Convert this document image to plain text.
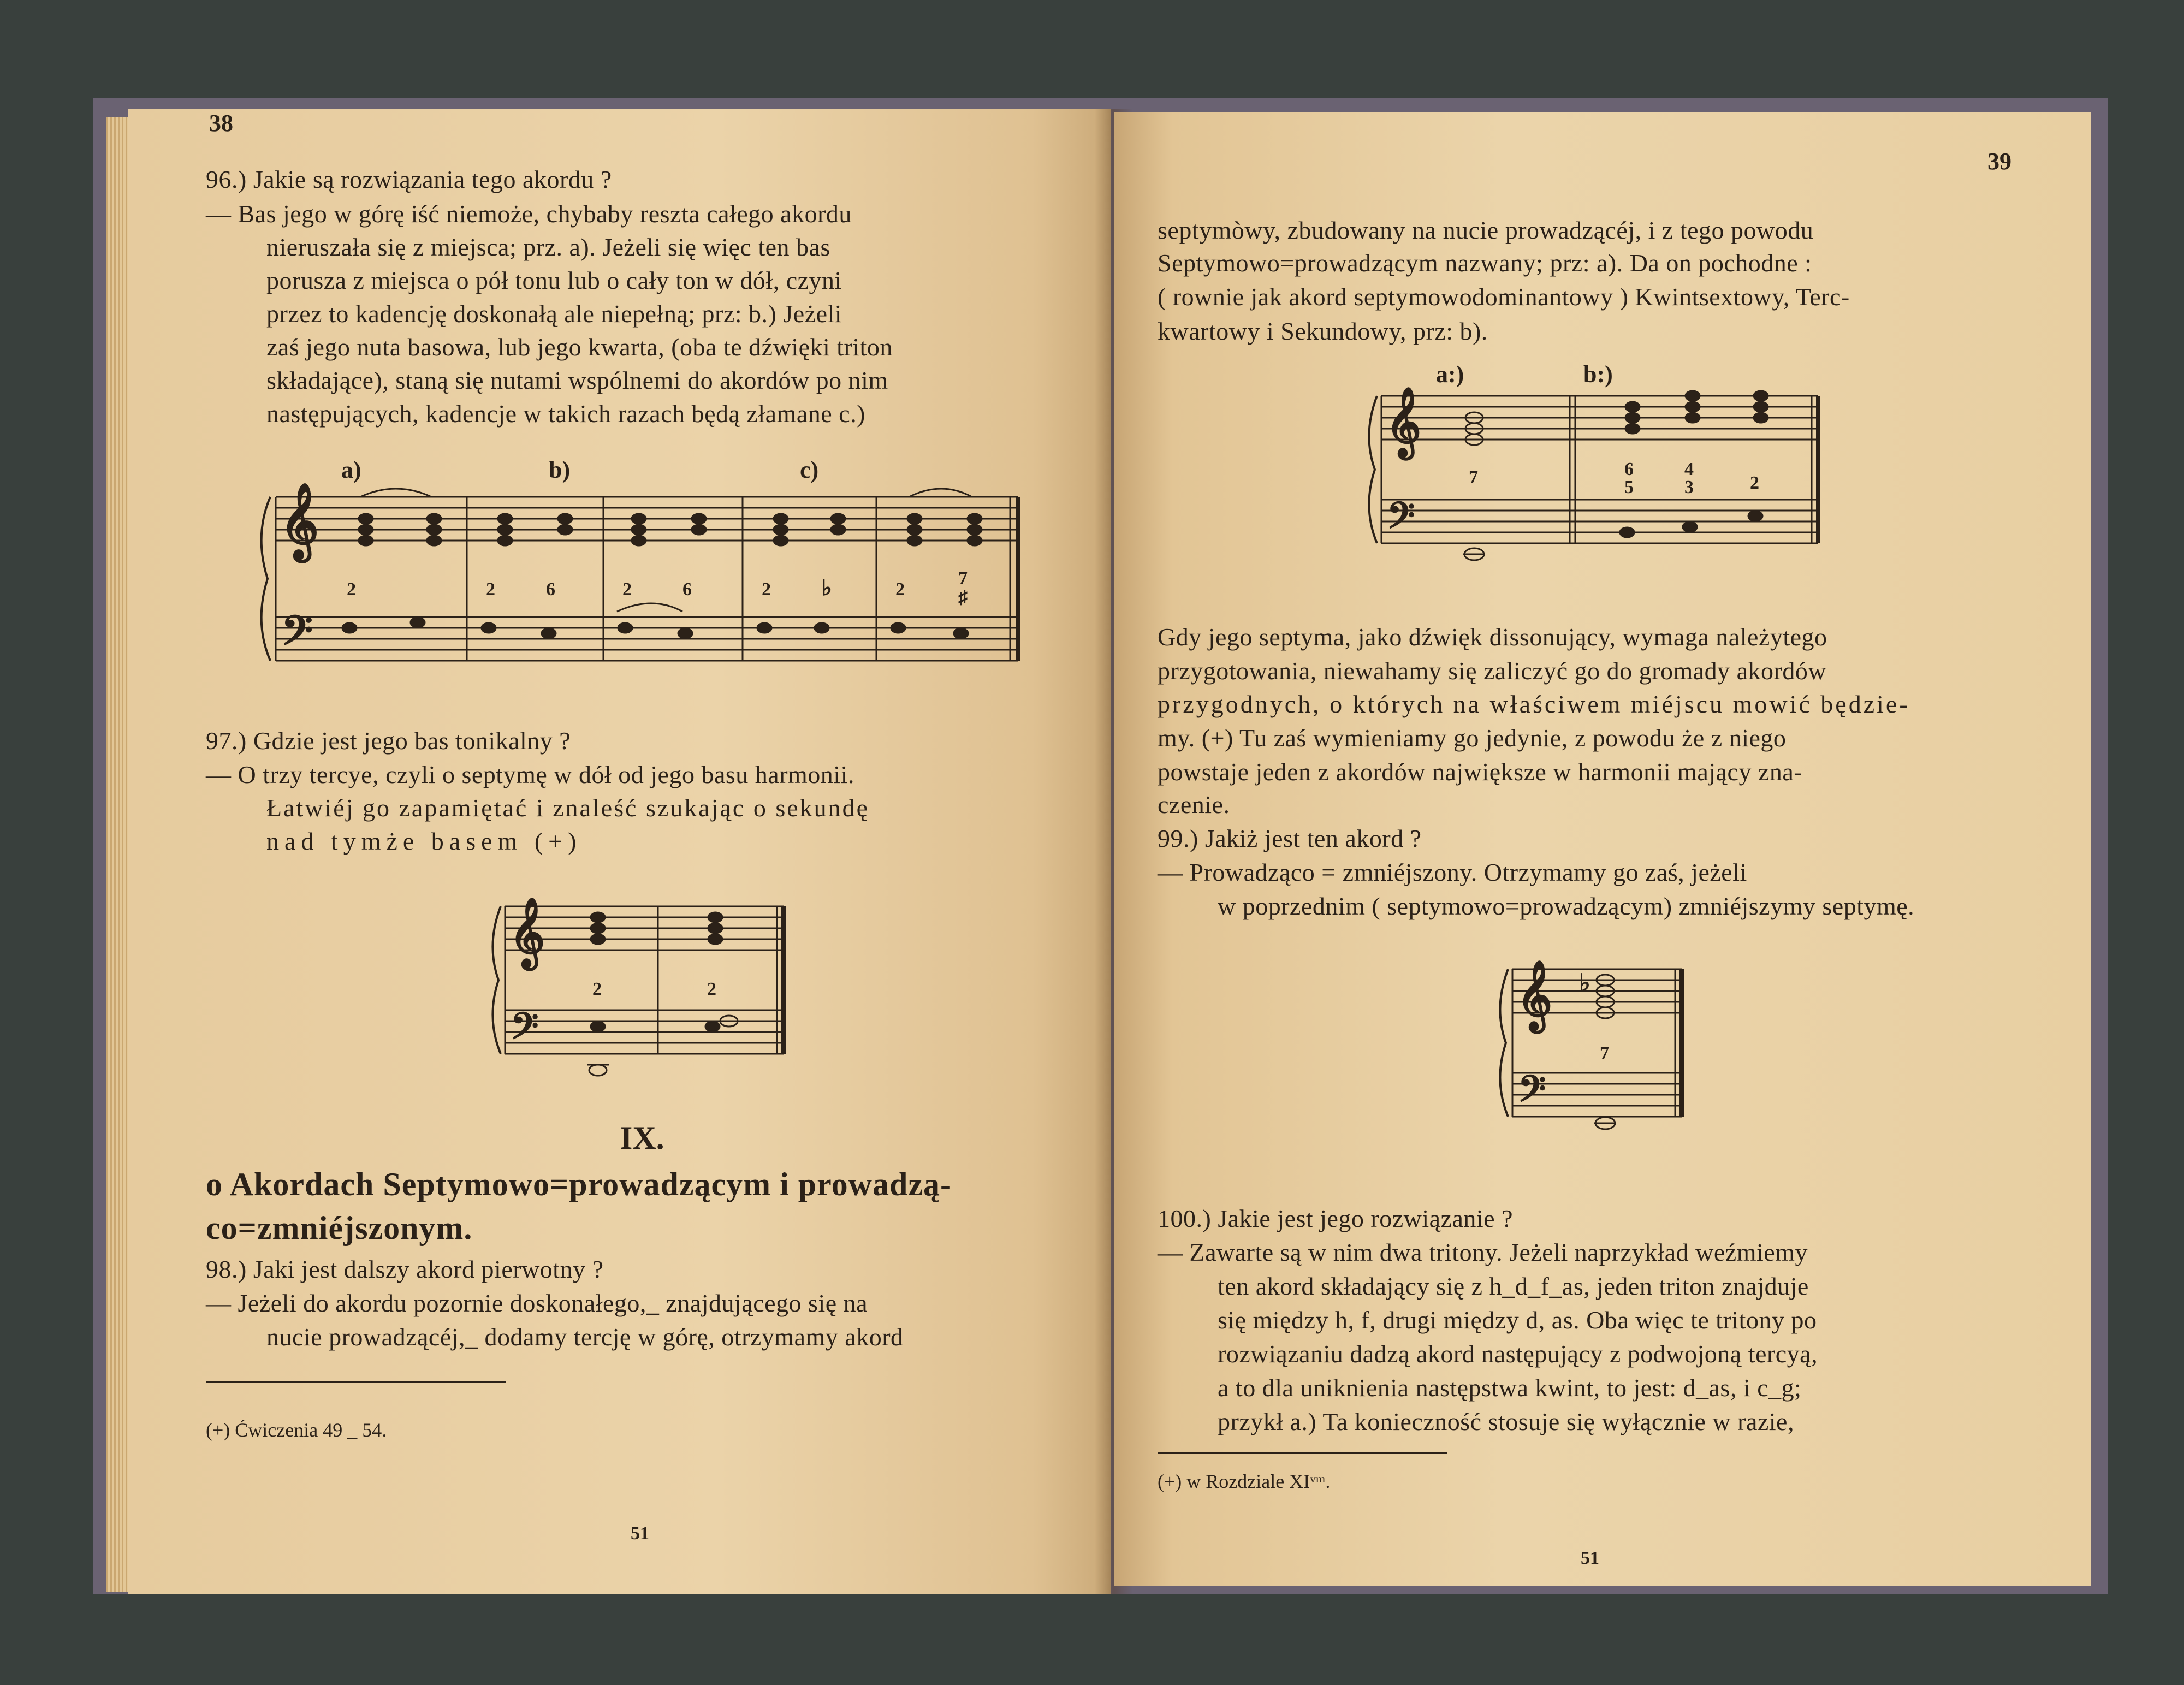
38
96.) Jakie są rozwiązania tego akordu ?
— Bas jego w górę iść niemoże, chybaby reszta całego akordu
nieruszała się z miejsca; prz. a). Jeżeli się więc ten bas
porusza z miejsca o pół tonu lub o cały ton w dół, czyni
przez to kadencję doskonałą ale niepełną; prz: b.) Jeżeli
zaś jego nuta basowa, lub jego kwarta, (oba te dźwięki triton
składające), staną się nutami wspólnemi do akordów po nim
następujących, kadencje w takich razach będą złamane c.)
𝄞
𝄢
a)	b)	c)
2	2	6	2	6	2 ♭	2
7
♯
97.) Gdzie jest jego bas tonikalny ?
— O trzy tercye, czyli o septymę w dół od jego basu harmonii.
Łatwiéj go zapamiętać i znaleść szukając o sekundę
nad tymże basem (+)
𝄞
𝄢
2	2
IX.
o Akordach Septymowo=prowadzącym i prowadzą-
co=zmniéjszonym.
98.) Jaki jest dalszy akord pierwotny ?
— Jeżeli do akordu pozornie doskonałego,_ znajdującego się na
nucie prowadzącéj,_ dodamy tercję w górę, otrzymamy akord
(+) Ćwiczenia 49 _ 54.
51
39
septymòwy, zbudowany na nucie prowadzącéj, i z tego powodu
Septymowo=prowadzącym nazwany; prz: a). Da on pochodne :
( rownie jak akord septymowodominantowy ) Kwintsextowy, Terc-
kwartowy i Sekundowy, prz: b).
𝄞
𝄢
a:)	b:)
7	6
5
4
3	2
Gdy jego septyma, jako dźwięk dissonujący, wymaga należytego
przygotowania, niewahamy się zaliczyć go do gromady akordów
przygodnych, o których na właściwem miéjscu mowić będzie-
my. (+) Tu zaś wymieniamy go jedynie, z powodu że z niego
powstaje jeden z akordów największe w harmonii mający zna-
czenie.
99.) Jakiż jest ten akord ?
— Prowadząco = zmniéjszony. Otrzymamy go zaś, jeżeli
w poprzednim ( septymowo=prowadzącym) zmniéjszymy septymę.
𝄞
𝄢
♭
7
100.) Jakie jest jego rozwiązanie ?
— Zawarte są w nim dwa tritony. Jeżeli naprzykład weźmiemy
ten akord składający się z h_d_f_as, jeden triton znajduje
się między h, f, drugi między d, as. Oba więc te tritony po
rozwiązaniu dadzą akord następujący z podwojoną tercyą,
a to dla uniknienia następstwa kwint, to jest: d_as, i c_g;
przykł a.) Ta konieczność stosuje się wyłącznie w razie,
(+) w Rozdziale XIᵛᵐ.
51
